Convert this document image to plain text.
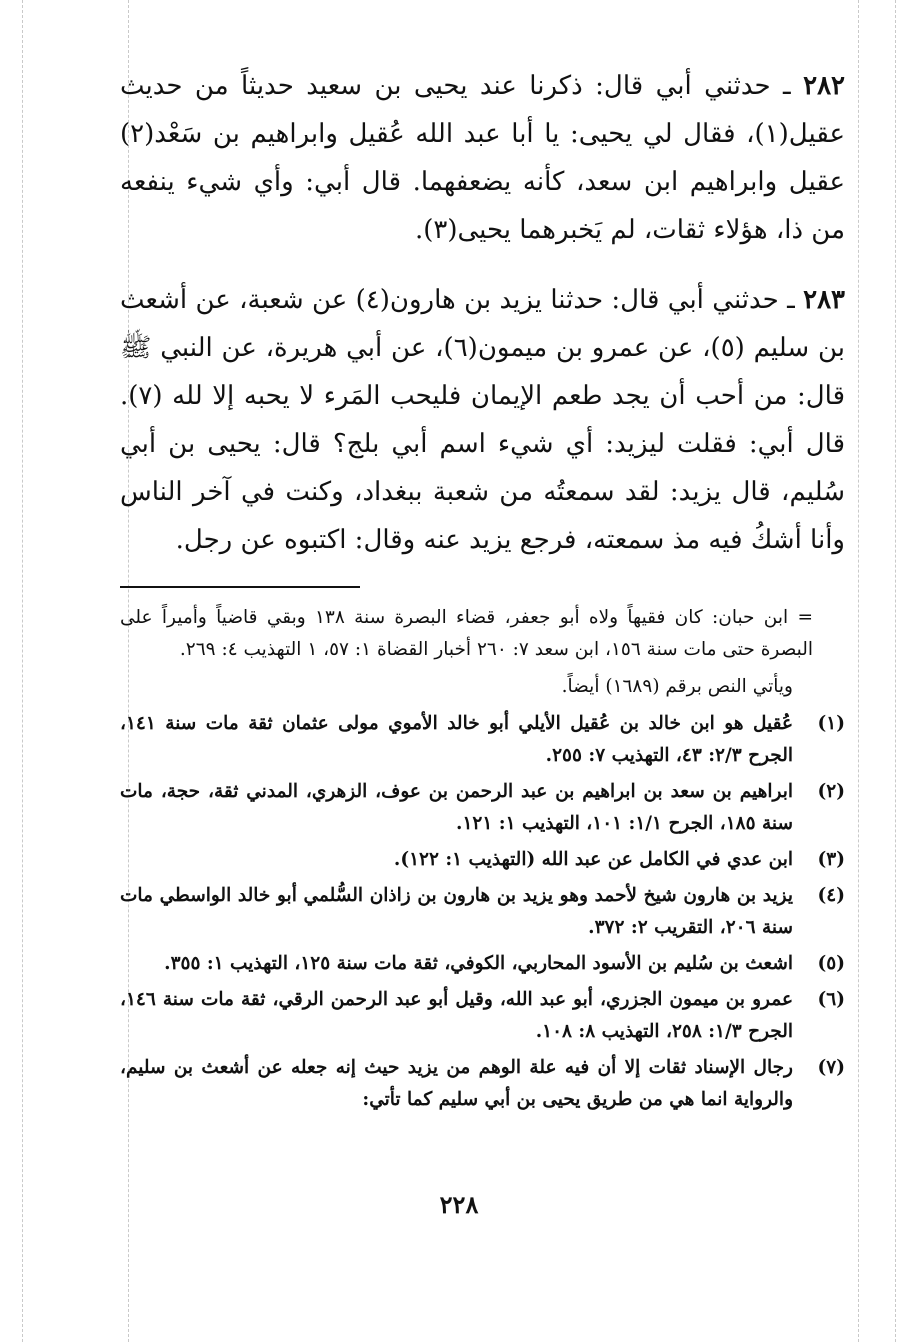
٢٨٢ ـ حدثني أبي قال: ذكرنا عند يحيى بن سعيد حديثاً من حديث عقيل(١)، فقال لي يحيى: يا أبا عبد الله عُقيل وابراهيم بن سَعْد(٢) عقيل وابراهيم ابن سعد، كأنه يضعفهما. قال أبي: وأي شيء ينفعه من ذا، هؤلاء ثقات، لم يَخبرهما يحيى(٣).

٢٨٣ ـ حدثني أبي قال: حدثنا يزيد بن هارون(٤) عن شعبة، عن أشعث بن سليم (٥)، عن عمرو بن ميمون(٦)، عن أبي هريرة، عن النبي ﷺ قال: من أحب أن يجد طعم الإيمان فليحب المَرء لا يحبه إلا لله (٧). قال أبي: فقلت ليزيد: أي شيء اسم أبي بلج؟ قال: يحيى بن أبي سُليم، قال يزيد: لقد سمعتُه من شعبة ببغداد، وكنت في آخر الناس وأنا أشكُ فيه مذ سمعته، فرجع يزيد عنه وقال: اكتبوه عن رجل.

= ابن حبان: كان فقيهاً ولاه أبو جعفر، قضاء البصرة سنة ١٣٨ وبقي قاضياً وأميراً على البصرة حتى مات سنة ١٥٦، ابن سعد ٧: ٢٦٠ أخبار القضاة ١: ٥٧، ١ التهذيب ٤: ٢٦٩.

ويأتي النص برقم (١٦٨٩) أيضاً.

(١)
عُقيل هو ابن خالد بن عُقيل الأيلي أبو خالد الأموي مولى عثمان ثقة مات سنة ١٤١، الجرح ٢/٣: ٤٣، التهذيب ٧: ٢٥٥.
(٢)
ابراهيم بن سعد بن ابراهيم بن عبد الرحمن بن عوف، الزهري، المدني ثقة، حجة، مات سنة ١٨٥، الجرح ١/١: ١٠١، التهذيب ١: ١٢١.
(٣)
ابن عدي في الكامل عن عبد الله (التهذيب ١: ١٢٢).
(٤)
يزيد بن هارون شيخ لأحمد وهو يزيد بن هارون بن زاذان السُّلمي أبو خالد الواسطي مات سنة ٢٠٦، التقريب ٢: ٣٧٢.
(٥)
اشعث بن سُليم بن الأسود المحاربي، الكوفي، ثقة مات سنة ١٢٥، التهذيب ١: ٣٥٥.
(٦)
عمرو بن ميمون الجزري، أبو عبد الله، وقيل أبو عبد الرحمن الرقي، ثقة مات سنة ١٤٦، الجرح ١/٣: ٢٥٨، التهذيب ٨: ١٠٨.
(٧)
رجال الإسناد ثقات إلا أن فيه علة الوهم من يزيد حيث إنه جعله عن أشعث بن سليم، والرواية انما هي من طريق يحيى بن أبي سليم كما تأتي:
٢٢٨
